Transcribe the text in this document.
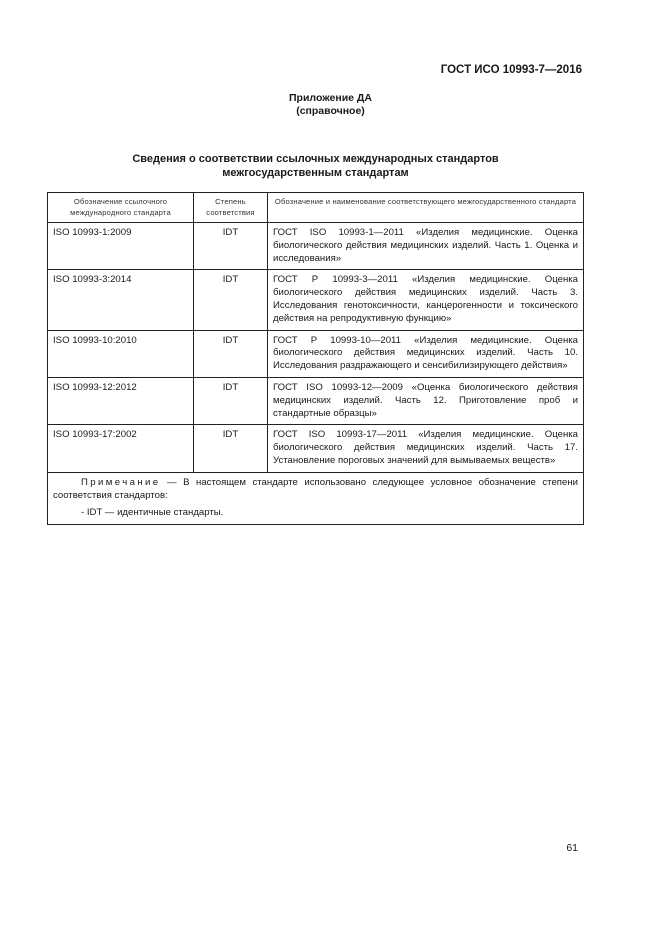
ГОСТ ИСО 10993-7—2016
Приложение ДА
(справочное)
Сведения о соответствии ссылочных международных стандартов
межгосударственным стандартам
Обозначение ссылочного международного стандарта	Степень соответствия	Обозначение и наименование соответствующего межгосударственного стандарта
ISO 10993-1:2009	IDT	ГОСТ ISO 10993-1—2011 «Изделия медицинские. Оценка биологического действия медицинских изделий. Часть 1. Оценка и исследования»
ISO 10993-3:2014	IDT	ГОСТ Р 10993-3—2011 «Изделия медицинские. Оценка биологического действия медицинских изделий. Часть 3. Исследования генотоксичности, канцерогенности и токсического действия на репродуктивную функцию»
ISO 10993-10:2010	IDT	ГОСТ Р 10993-10—2011 «Изделия медицинские. Оценка биологического действия медицинских изделий. Часть 10. Исследования раздражающего и сенсибилизирующего действия»
ISO 10993-12:2012	IDT	ГОСТ ISO 10993-12—2009 «Оценка биологического действия медицинских изделий. Часть 12. Приготовление проб и стандартные образцы»
ISO 10993-17:2002	IDT	ГОСТ ISO 10993-17—2011 «Изделия медицинские. Оценка биологического действия медицинских изделий. Часть 17. Установление пороговых значений для вымываемых веществ»

Примечание — В настоящем стандарте использовано следующее условное обозначение степени соответствия стандартов:
- IDT — идентичные стандарты.		
61
